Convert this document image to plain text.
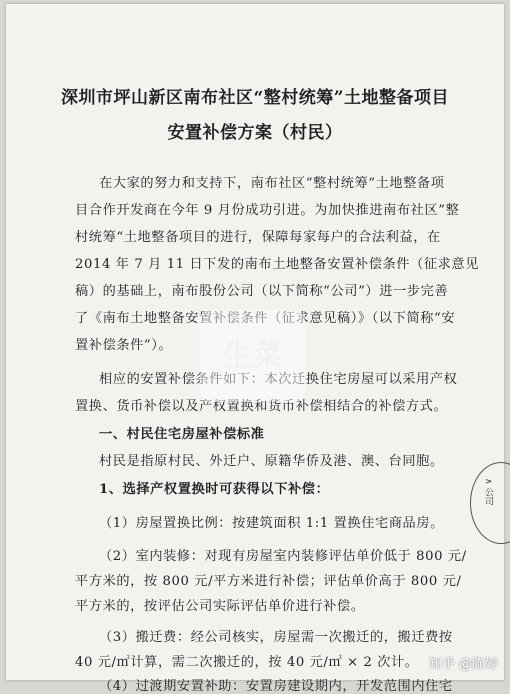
深圳市坪山新区南布社区“整村统筹”土地整备项目
安置补偿方案（村民）
在大家的努力和支持下，南布社区“整村统筹“土地整备项
目合作开发商在今年 9 月份成功引进。为加快推进南布社区”整
村统筹“土地整备项目的进行，保障每家每户的合法利益，在
2014 年 7 月 11 日下发的南布土地整备安置补偿条件（征求意见
稿）的基础上，南布股份公司（以下简称“公司”）进一步完善
了《南布土地整备安置补偿条件（征求意见稿）》（以下简称“安
置补偿条件”）。
相应的安置补偿条件如下：本次迁换住宅房屋可以采用产权
置换、货币补偿以及产权置换和货币补偿相结合的补偿方式。
一、村民住宅房屋补偿标准
村民是指原村民、外迁户、原籍华侨及港、澳、台同胞。
1、选择产权置换时可获得以下补偿：
（1）房屋置换比例：按建筑面积 1:1 置换住宅商品房。
（2）室内装修：对现有房屋室内装修评估单价低于 800 元/
平方米的，按 800 元/平方米进行补偿；评估单价高于 800 元/
平方米的，按评估公司实际评估单价进行补偿。
（3）搬迁费：经公司核实，房屋需一次搬迁的，搬迁费按
40 元/㎡计算，需二次搬迁的，按 40 元/㎡ × 2 次计。
（4）过渡期安置补助：安置房建设期内，开发范围内住宅
生菜
∧ 公司
知乎 @陈婷
